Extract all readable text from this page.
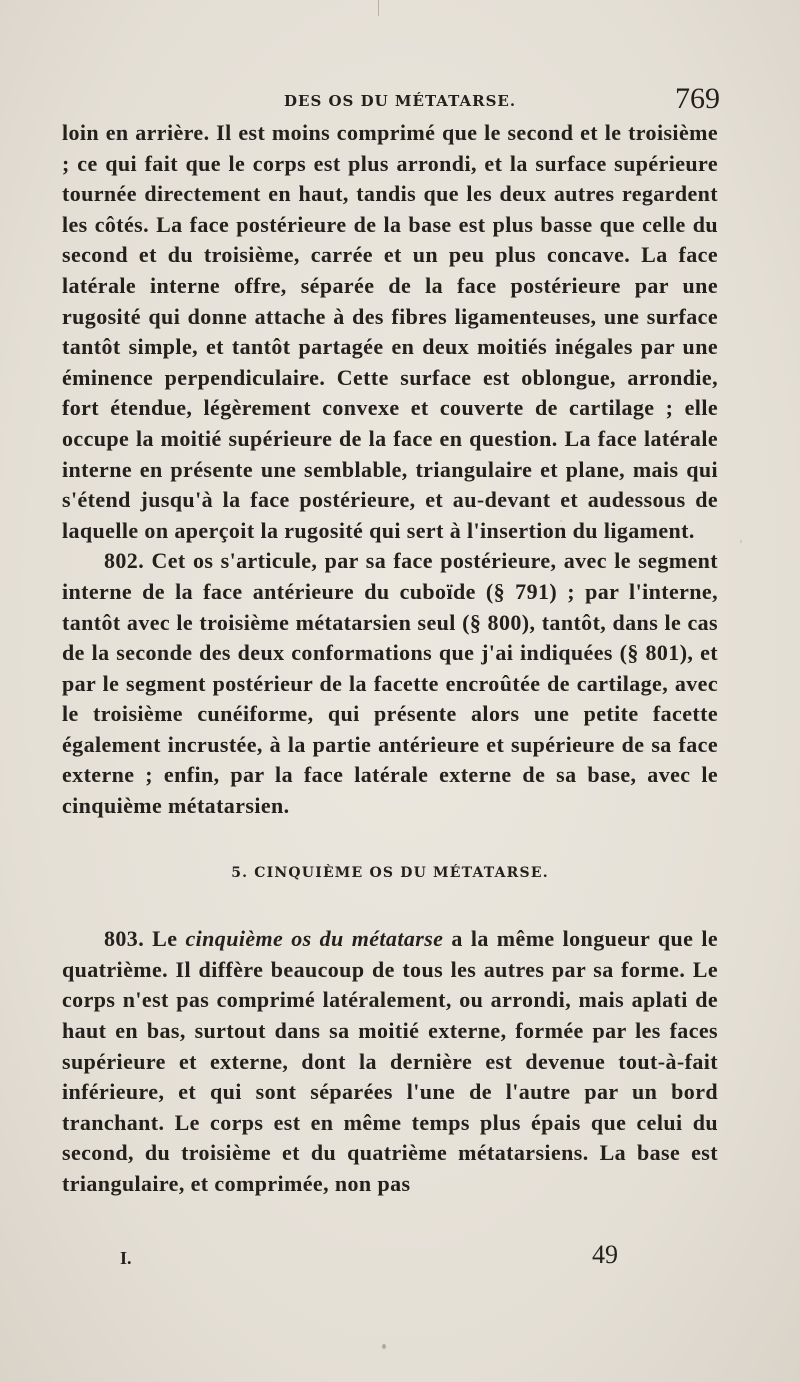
DES OS DU MÉTATARSE.	769

loin en arrière. Il est moins comprimé que le second et le troisième ; ce qui fait que le corps est plus arrondi, et la surface supérieure tournée directement en haut, tandis que les deux autres regardent les côtés. La face postérieure de la base est plus basse que celle du second et du troisième, carrée et un peu plus concave. La face latérale interne offre, séparée de la face postérieure par une rugosité qui donne attache à des fibres ligamenteuses, une surface tantôt simple, et tantôt partagée en deux moitiés inégales par une éminence perpendiculaire. Cette surface est oblongue, arrondie, fort étendue, légèrement convexe et couverte de cartilage ; elle occupe la moitié supérieure de la face en question. La face latérale interne en présente une semblable, triangulaire et plane, mais qui s'étend jusqu'à la face postérieure, et au-devant et audessous de laquelle on aperçoit la rugosité qui sert à l'insertion du ligament.

802. Cet os s'articule, par sa face postérieure, avec le segment interne de la face antérieure du cuboïde (§ 791) ; par l'interne, tantôt avec le troisième métatarsien seul (§ 800), tantôt, dans le cas de la seconde des deux conformations que j'ai indiquées (§ 801), et par le segment postérieur de la facette encroûtée de cartilage, avec le troisième cunéiforme, qui présente alors une petite facette également incrustée, à la partie antérieure et supérieure de sa face externe ; enfin, par la face latérale externe de sa base, avec le cinquième métatarsien.

5. CINQUIÈME OS DU MÉTATARSE.

803. Le cinquième os du métatarse a la même longueur que le quatrième. Il diffère beaucoup de tous les autres par sa forme. Le corps n'est pas comprimé latéralement, ou arrondi, mais aplati de haut en bas, surtout dans sa moitié externe, formée par les faces supérieure et externe, dont la dernière est devenue tout-à-fait inférieure, et qui sont séparées l'une de l'autre par un bord tranchant. Le corps est en même temps plus épais que celui du second, du troisième et du quatrième métatarsiens. La base est triangulaire, et comprimée, non pas

I.	49
